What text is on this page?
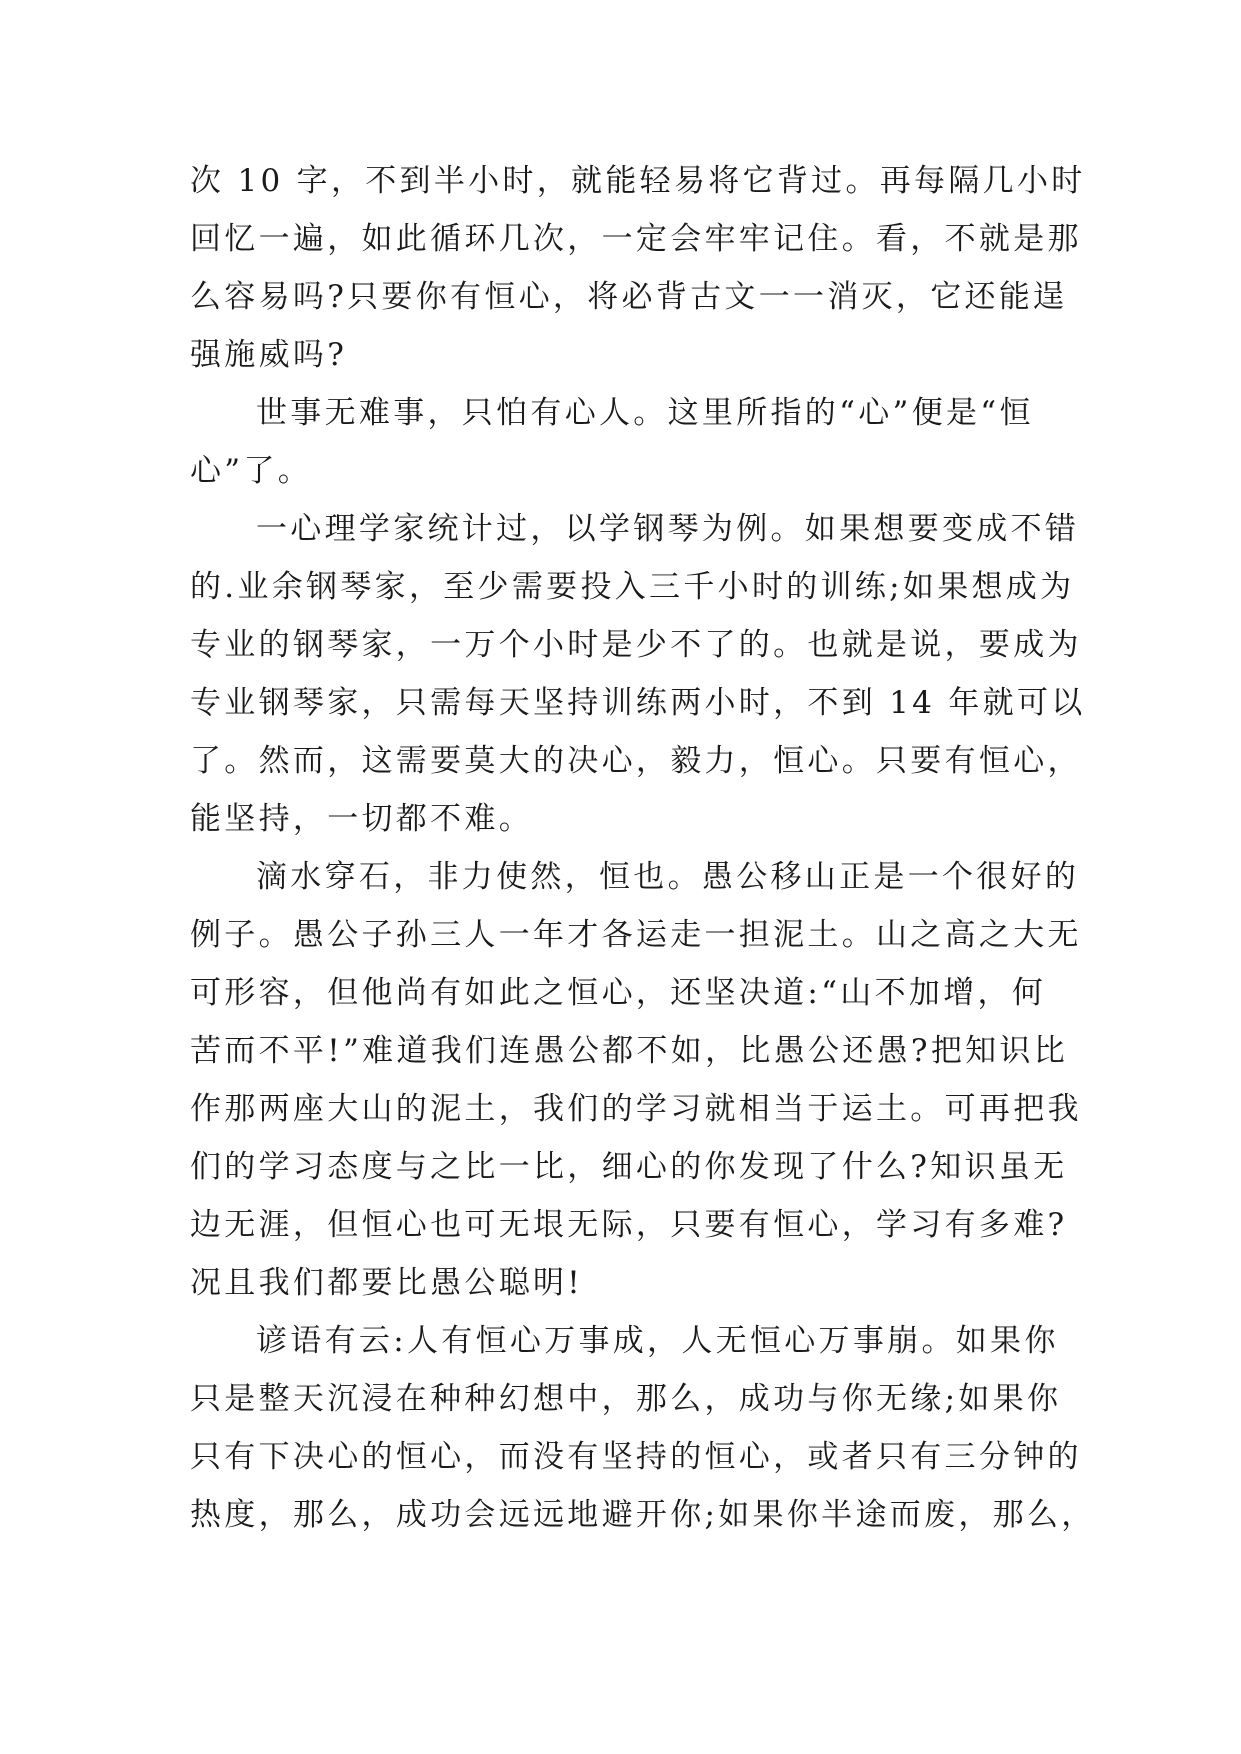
次 10 字，不到半小时，就能轻易将它背过。再每隔几小时
回忆一遍，如此循环几次，一定会牢牢记住。看，不就是那
么容易吗?只要你有恒心，将必背古文一一消灭，它还能逞
强施威吗?
世事无难事，只怕有心人。这里所指的“心”便是“恒
心”了。
一心理学家统计过，以学钢琴为例。如果想要变成不错
的.业余钢琴家，至少需要投入三千小时的训练;如果想成为
专业的钢琴家，一万个小时是少不了的。也就是说，要成为
专业钢琴家，只需每天坚持训练两小时，不到 14 年就可以
了。然而，这需要莫大的决心，毅力，恒心。只要有恒心，
能坚持，一切都不难。
滴水穿石，非力使然，恒也。愚公移山正是一个很好的
例子。愚公子孙三人一年才各运走一担泥土。山之高之大无
可形容，但他尚有如此之恒心，还坚决道:“山不加增，何
苦而不平!”难道我们连愚公都不如，比愚公还愚?把知识比
作那两座大山的泥土，我们的学习就相当于运土。可再把我
们的学习态度与之比一比，细心的你发现了什么?知识虽无
边无涯，但恒心也可无垠无际，只要有恒心，学习有多难?
况且我们都要比愚公聪明!
谚语有云:人有恒心万事成，人无恒心万事崩。如果你
只是整天沉浸在种种幻想中，那么，成功与你无缘;如果你
只有下决心的恒心，而没有坚持的恒心，或者只有三分钟的
热度，那么，成功会远远地避开你;如果你半途而废，那么，
